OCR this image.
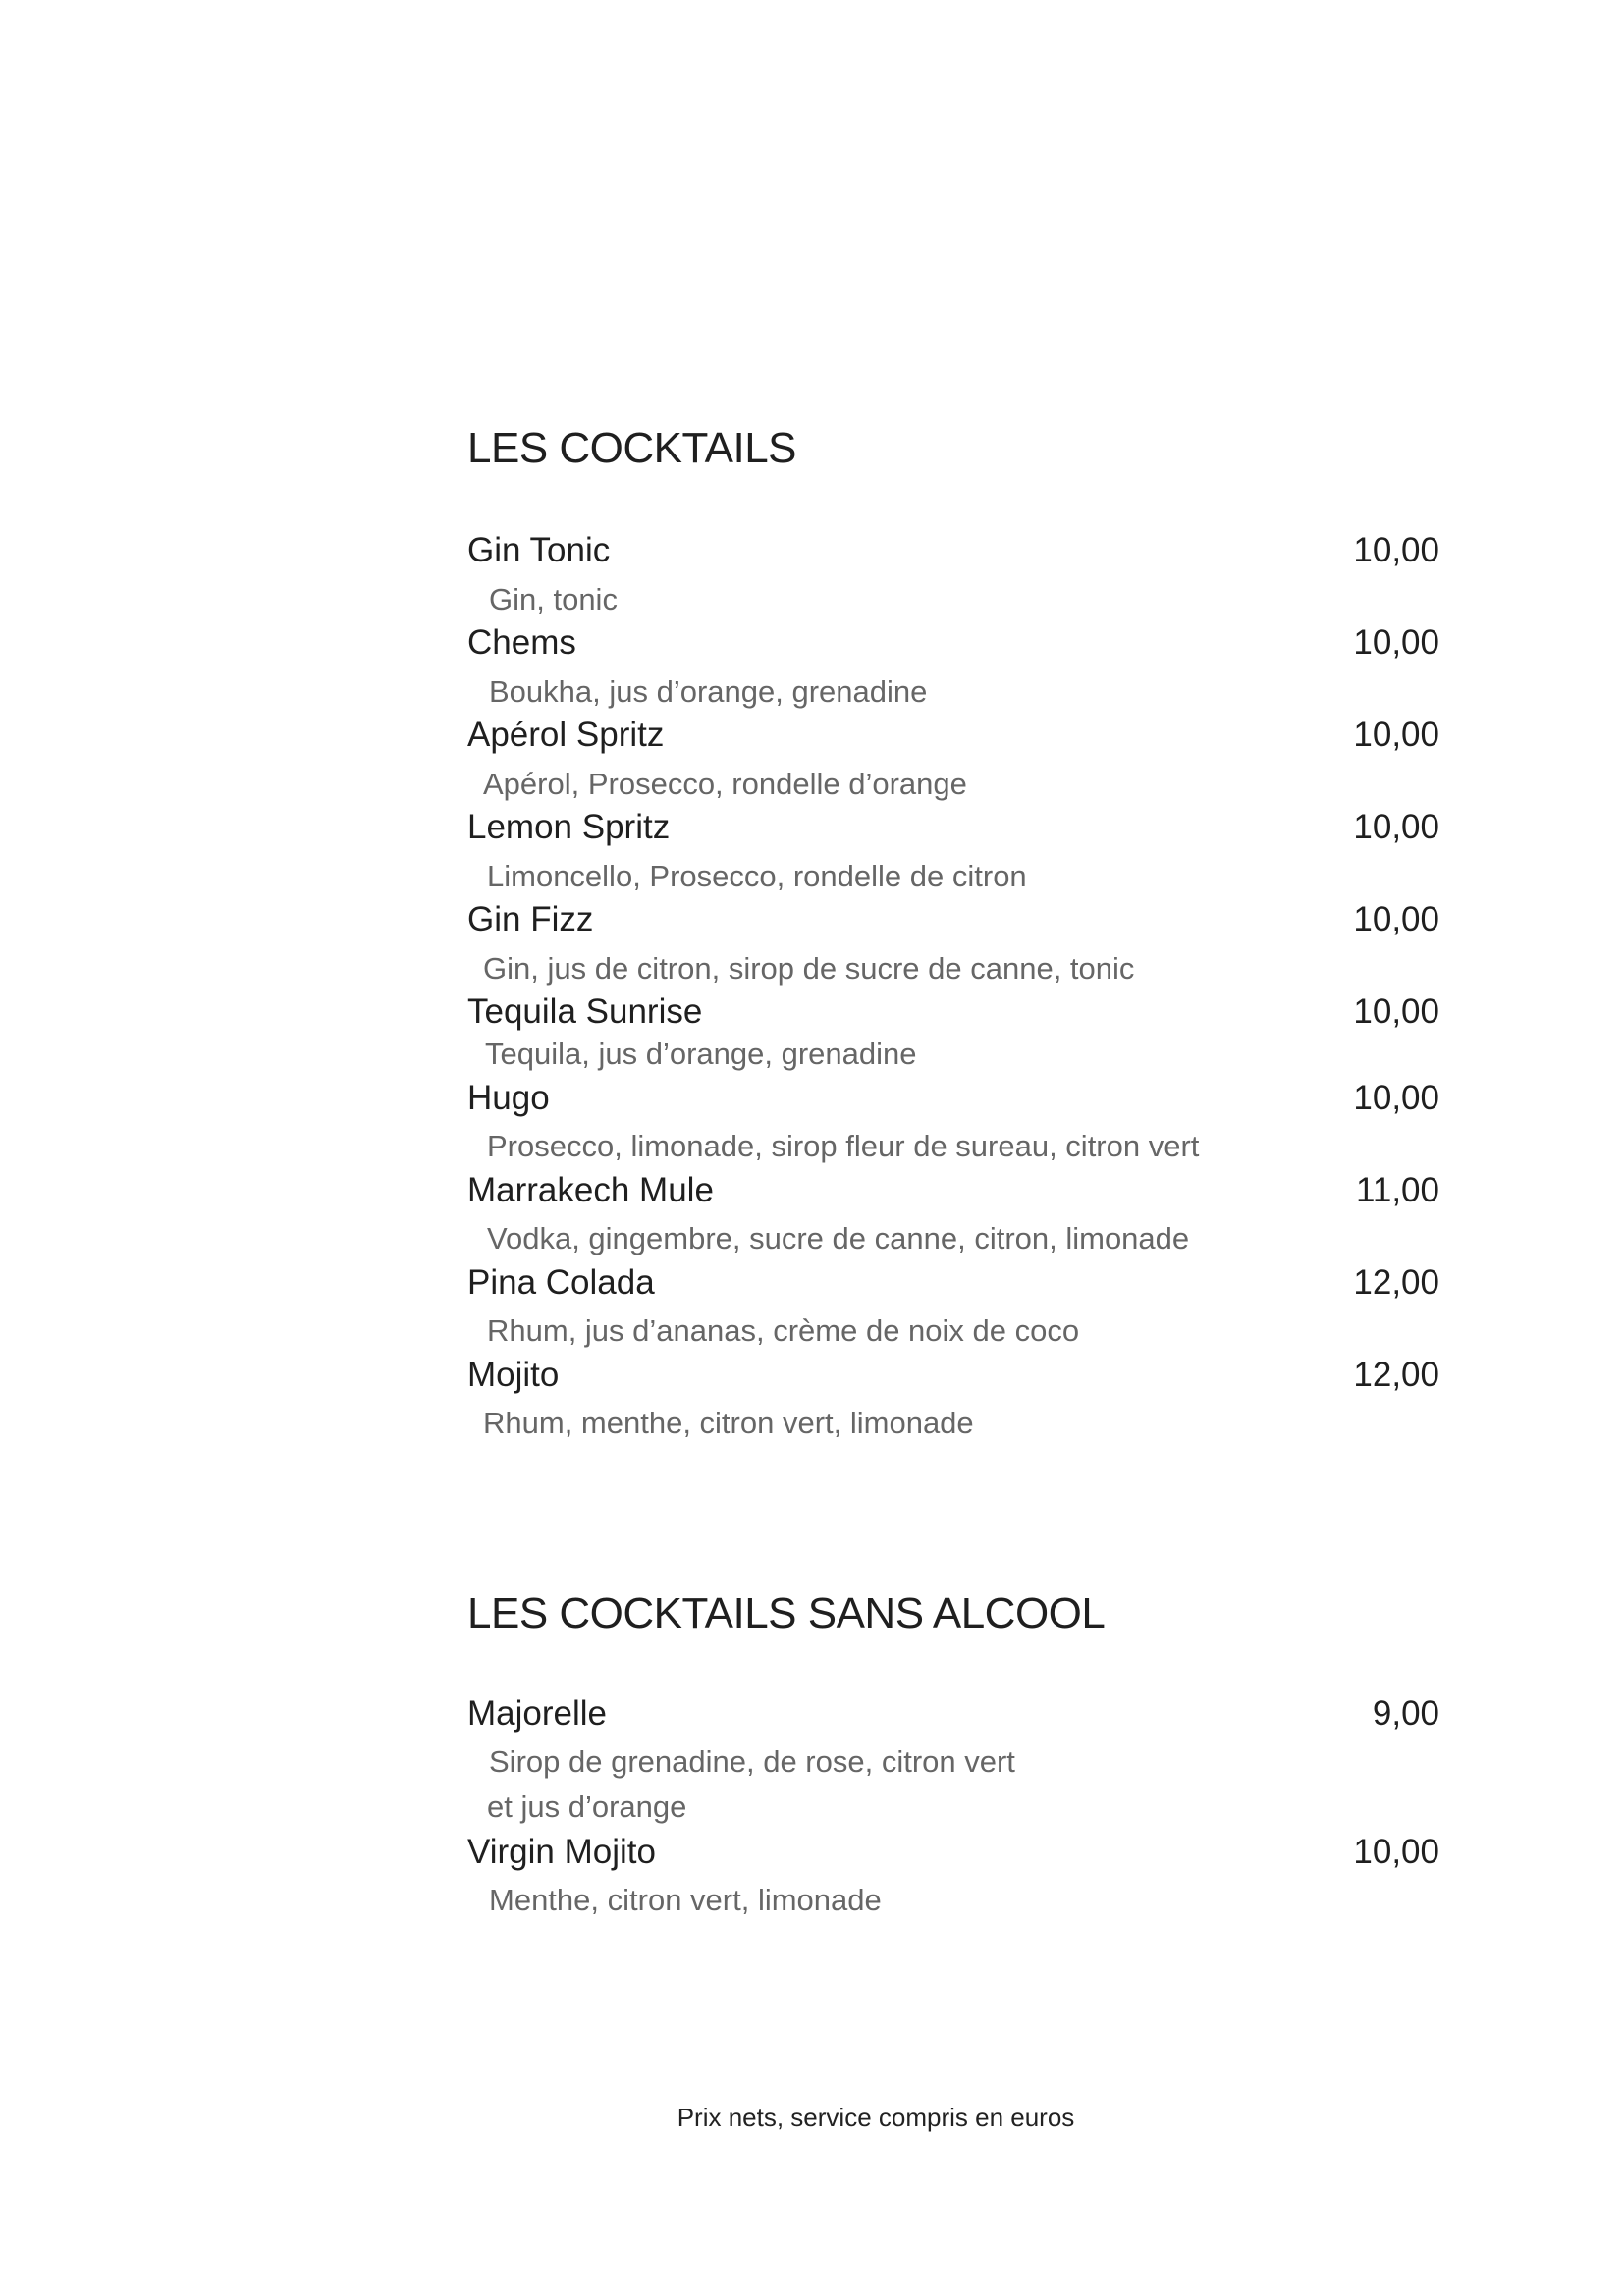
LES COCKTAILS
Gin Tonic	10,00
Gin, tonic
Chems	10,00
Boukha, jus d’orange, grenadine
Apérol Spritz	10,00
Apérol, Prosecco, rondelle d’orange
Lemon Spritz	10,00
Limoncello, Prosecco, rondelle de citron
Gin Fizz	10,00
Gin, jus de citron, sirop de sucre de canne, tonic
Tequila Sunrise	10,00
Tequila, jus d’orange, grenadine
Hugo	10,00
Prosecco, limonade, sirop fleur de sureau, citron vert
Marrakech Mule	11,00
Vodka, gingembre, sucre de canne, citron, limonade
Pina Colada	12,00
Rhum, jus d’ananas, crème de noix de coco
Mojito	12,00
Rhum, menthe, citron vert, limonade
LES COCKTAILS SANS ALCOOL
Majorelle	9,00
Sirop de grenadine, de rose, citron vert
et jus d’orange
Virgin Mojito	10,00
Menthe, citron vert, limonade
Prix nets, service compris en euros
